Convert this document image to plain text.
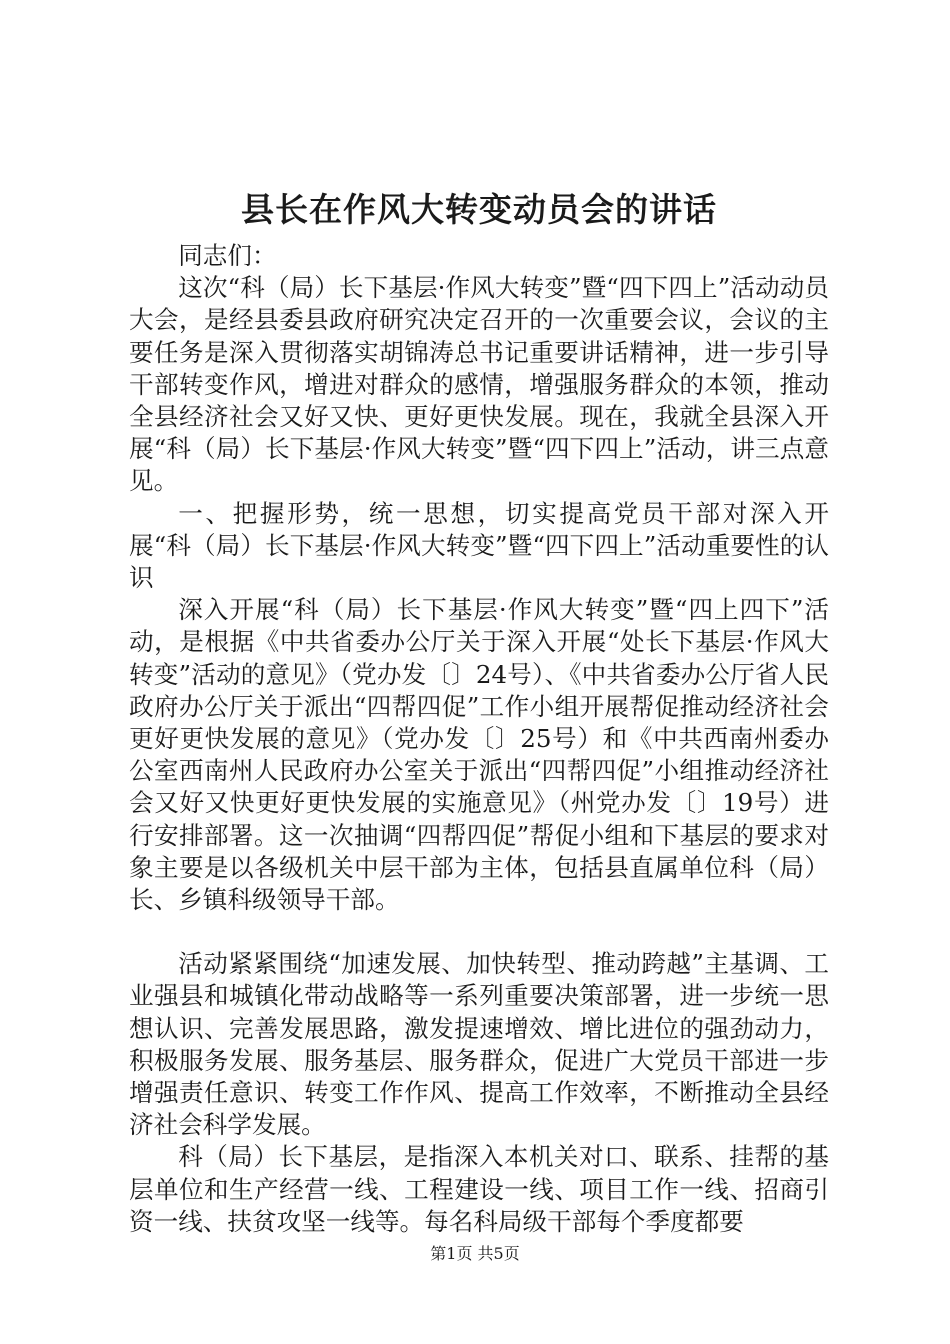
县长在作风大转变动员会的讲话

同志们：

这次“科（局）长下基层·作风大转变”暨“四下四上”活动动员大会，是经县委县政府研究决定召开的一次重要会议，会议的主要任务是深入贯彻落实胡锦涛总书记重要讲话精神，进一步引导干部转变作风，增进对群众的感情，增强服务群众的本领，推动全县经济社会又好又快、更好更快发展。现在，我就全县深入开展“科（局）长下基层·作风大转变”暨“四下四上”活动，讲三点意见。

一、把握形势，统一思想，切实提高党员干部对深入开展“科（局）长下基层·作风大转变”暨“四下四上”活动重要性的认识

深入开展“科（局）长下基层·作风大转变”暨“四上四下”活动，是根据《中共省委办公厅关于深入开展“处长下基层·作风大转变”活动的意见》（党办发〔〕24号）、《中共省委办公厅省人民政府办公厅关于派出“四帮四促”工作小组开展帮促推动经济社会更好更快发展的意见》（党办发〔〕25号）和《中共西南州委办公室西南州人民政府办公室关于派出“四帮四促”小组推动经济社会又好又快更好更快发展的实施意见》（州党办发〔〕19号）进行安排部署。这一次抽调“四帮四促”帮促小组和下基层的要求对象主要是以各级机关中层干部为主体，包括县直属单位科（局）长、乡镇科级领导干部。

活动紧紧围绕“加速发展、加快转型、推动跨越”主基调、工业强县和城镇化带动战略等一系列重要决策部署，进一步统一思想认识、完善发展思路，激发提速增效、增比进位的强劲动力，积极服务发展、服务基层、服务群众，促进广大党员干部进一步增强责任意识、转变工作作风、提高工作效率，不断推动全县经济社会科学发展。

科（局）长下基层，是指深入本机关对口、联系、挂帮的基层单位和生产经营一线、工程建设一线、项目工作一线、招商引资一线、扶贫攻坚一线等。每名科局级干部每个季度都要

第1页 共5页
